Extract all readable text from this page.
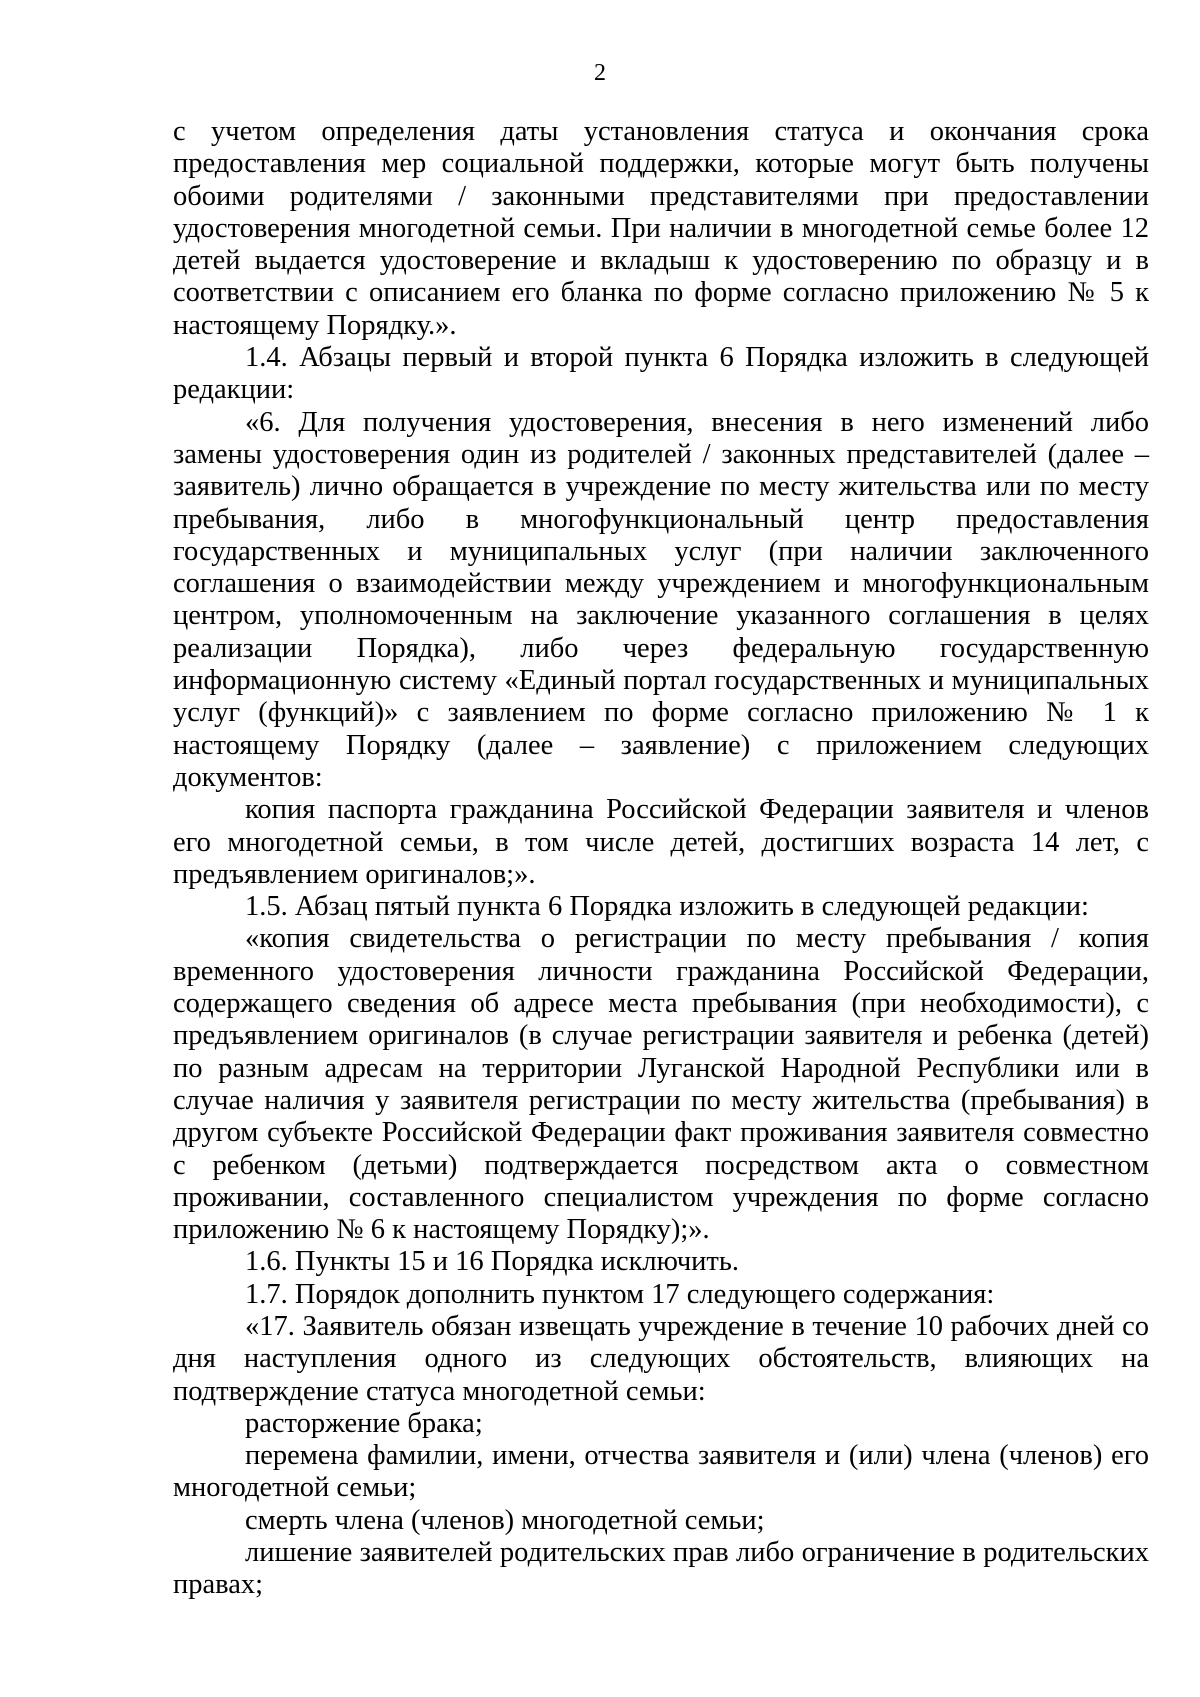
2

с учетом определения даты установления статуса и окончания срока предоставления мер социальной поддержки, которые могут быть получены обоими родителями / законными представителями при предоставлении удостоверения многодетной семьи. При наличии в многодетной семье более 12 детей выдается удостоверение и вкладыш к удостоверению по образцу и в соответствии с описанием его бланка по форме согласно приложению № 5 к настоящему Порядку.».

1.4. Абзацы первый и второй пункта 6 Порядка изложить в следующей редакции:

«6. Для получения удостоверения, внесения в него изменений либо замены удостоверения один из родителей / законных представителей (далее – заявитель) лично обращается в учреждение по месту жительства или по месту пребывания, либо в многофункциональный центр предоставления государственных и муниципальных услуг (при наличии заключенного соглашения о взаимодействии между учреждением и многофункциональным центром, уполномоченным на заключение указанного соглашения в целях реализации Порядка), либо через федеральную государственную информационную систему «Единый портал государственных и муниципальных услуг (функций)» с заявлением по форме согласно приложению № 1 к настоящему Порядку (далее – заявление) с приложением следующих документов:

копия паспорта гражданина Российской Федерации заявителя и членов его многодетной семьи, в том числе детей, достигших возраста 14 лет, с предъявлением оригиналов;».

1.5. Абзац пятый пункта 6 Порядка изложить в следующей редакции:

«копия свидетельства о регистрации по месту пребывания / копия временного удостоверения личности гражданина Российской Федерации, содержащего сведения об адресе места пребывания (при необходимости), с предъявлением оригиналов (в случае регистрации заявителя и ребенка (детей) по разным адресам на территории Луганской Народной Республики или в случае наличия у заявителя регистрации по месту жительства (пребывания) в другом субъекте Российской Федерации факт проживания заявителя совместно с ребенком (детьми) подтверждается посредством акта о совместном проживании, составленного специалистом учреждения по форме согласно приложению № 6 к настоящему Порядку);».

1.6. Пункты 15 и 16 Порядка исключить.

1.7. Порядок дополнить пунктом 17 следующего содержания:

«17. Заявитель обязан извещать учреждение в течение 10 рабочих дней со дня наступления одного из следующих обстоятельств, влияющих на подтверждение статуса многодетной семьи:

расторжение брака;

перемена фамилии, имени, отчества заявителя и (или) члена (членов) его многодетной семьи;

смерть члена (членов) многодетной семьи;

лишение заявителей родительских прав либо ограничение в родительских правах;
